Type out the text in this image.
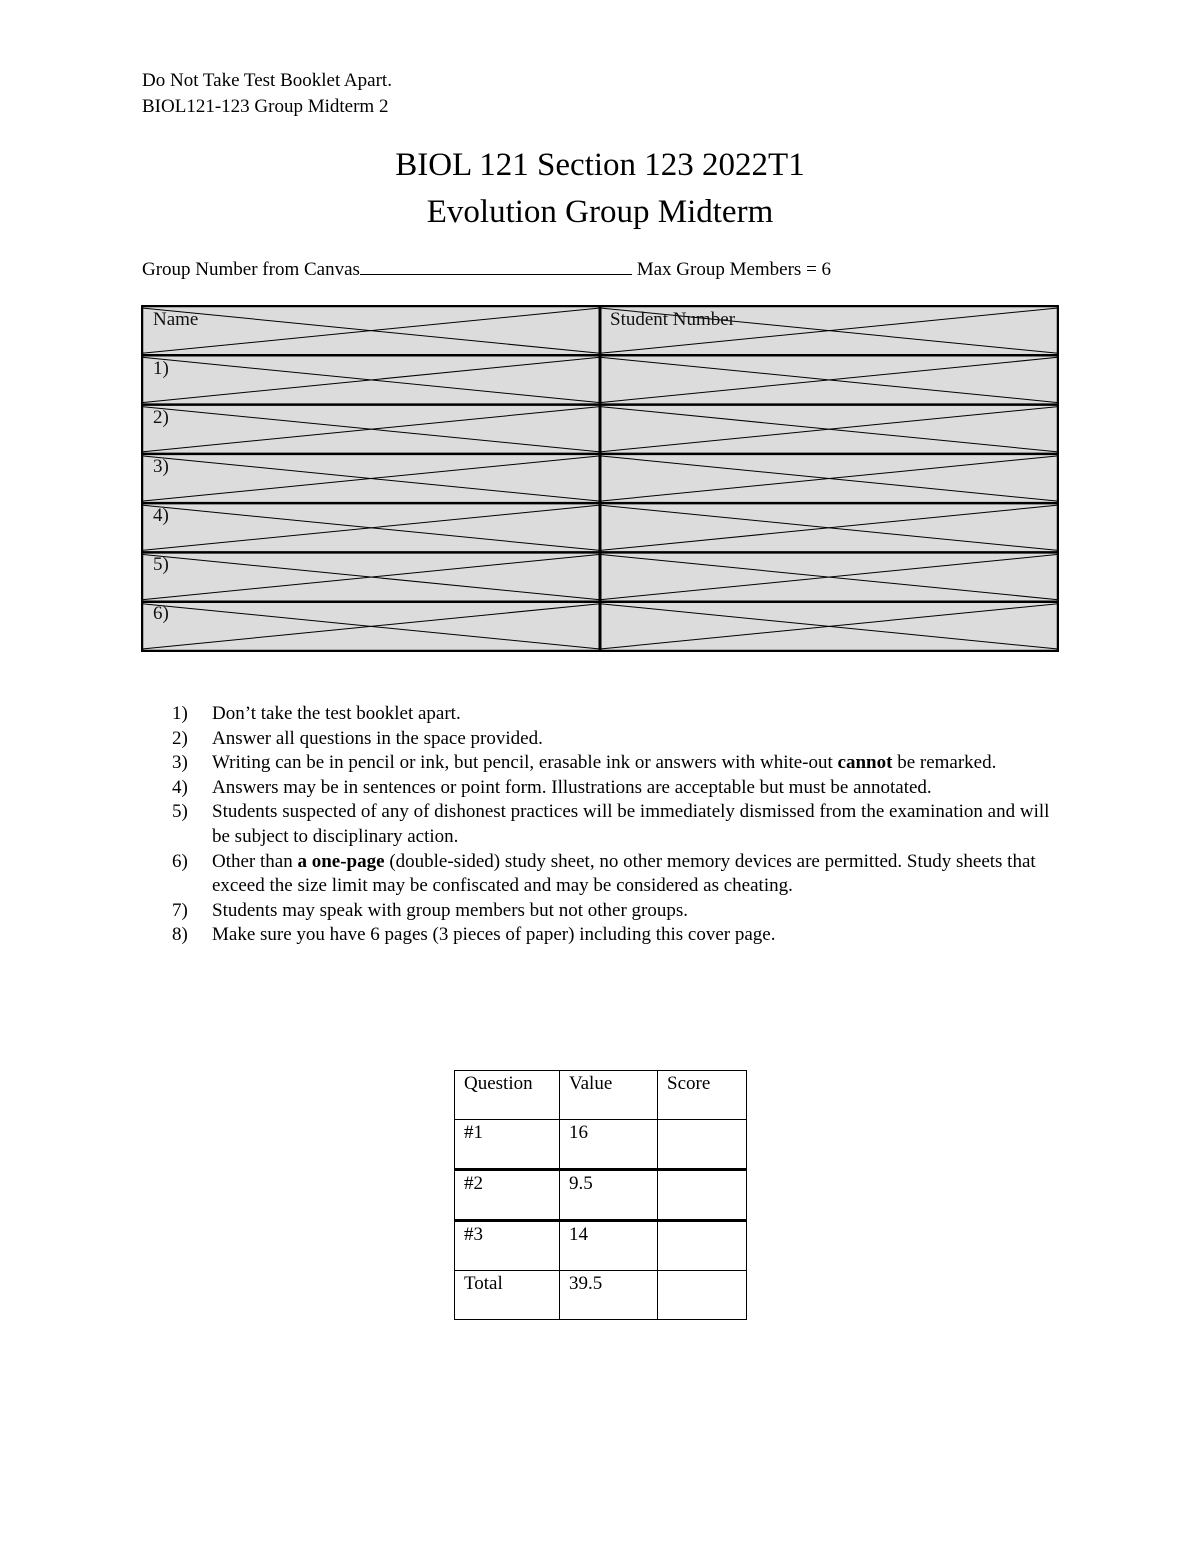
Do Not Take Test Booklet Apart.
BIOL121-123 Group Midterm 2
BIOL 121 Section 123 2022T1
Evolution Group Midterm
Group Number from Canvas	Max Group Members = 6
Name	Student Number
1)
2)
3)
4)
5)
6)
1) Don’t take the test booklet apart.
2) Answer all questions in the space provided.
3) Writing can be in pencil or ink, but pencil, erasable ink or answers with white-out cannot be remarked.
4) Answers may be in sentences or point form. Illustrations are acceptable but must be annotated.
5) Students suspected of any of dishonest practices will be immediately dismissed from the examination and will be subject to disciplinary action.
6) Other than a one-page (double-sided) study sheet, no other memory devices are permitted. Study sheets that exceed the size limit may be confiscated and may be considered as cheating.
7) Students may speak with group members but not other groups.
8) Make sure you have 6 pages (3 pieces of paper) including this cover page.
Question	Value	Score
#1	16	
#2	9.5	
#3	14	
Total	39.5	
